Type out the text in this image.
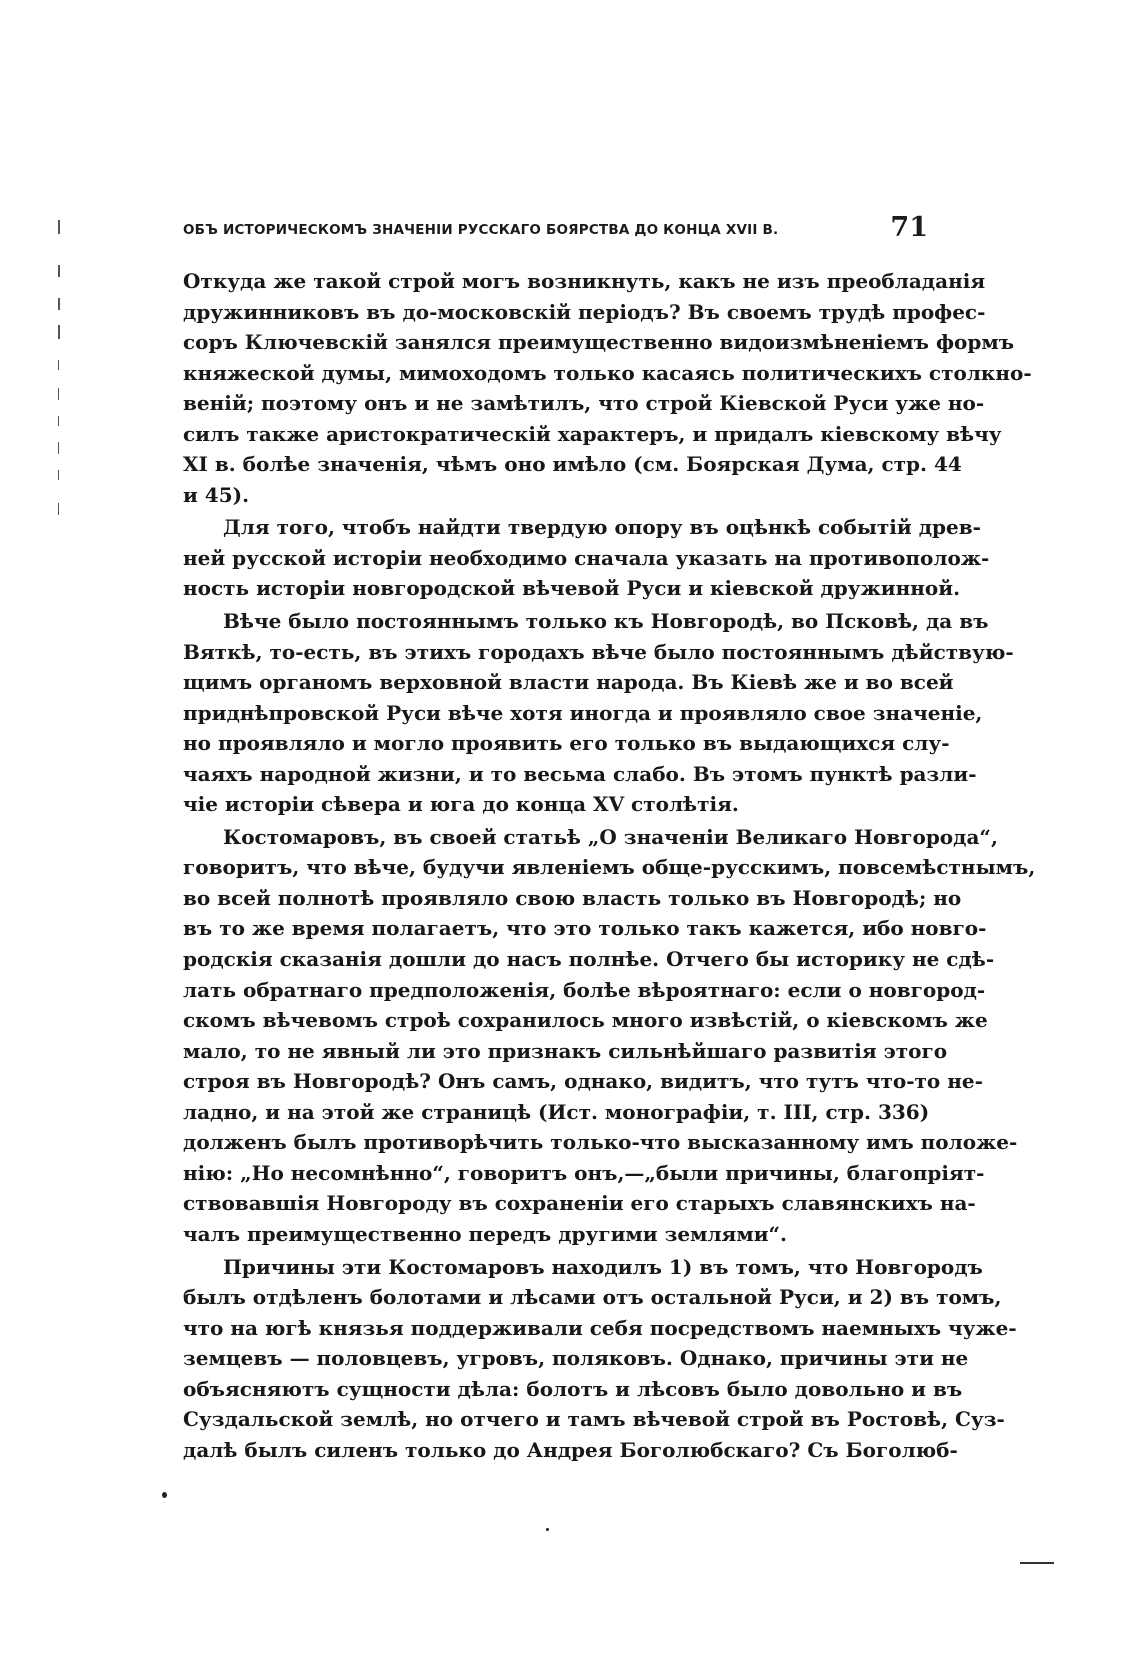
ОБЪ ИСТОРИЧЕСКОМЪ ЗНАЧЕНІИ РУССКАГО БОЯРСТВА ДО КОНЦА XVII В.	71
Откуда же такой строй могъ возникнуть, какъ не изъ преобладанія
дружинниковъ въ до-московскій періодъ? Въ своемъ трудѣ профес-
соръ Ключевскій занялся преимущественно видоизмѣненіемъ формъ
княжеской думы, мимоходомъ только касаясь политическихъ столкно-
веній; поэтому онъ и не замѣтилъ, что строй Кіевской Руси уже но-
силъ также аристократическій характеръ, и придалъ кіевскому вѣчу
XI в. болѣе значенія, чѣмъ оно имѣло (см. Боярская Дума, стр. 44
и 45).
Для того, чтобъ найдти твердую опору въ оцѣнкѣ событій древ-
ней русской исторіи необходимо сначала указать на противополож-
ность исторіи новгородской вѣчевой Руси и кіевской дружинной.
Вѣче было постояннымъ только къ Новгородѣ, во Псковѣ, да въ
Вяткѣ, то-есть, въ этихъ городахъ вѣче было постояннымъ дѣйствую-
щимъ органомъ верховной власти народа. Въ Кіевѣ же и во всей
приднѣпровской Руси вѣче хотя иногда и проявляло свое значеніе,
но проявляло и могло проявить его только въ выдающихся слу-
чаяхъ народной жизни, и то весьма слабо. Въ этомъ пунктѣ разли-
чіе исторіи сѣвера и юга до конца XV столѣтія.
Костомаровъ, въ своей статьѣ „О значеніи Великаго Новгорода“,
говоритъ, что вѣче, будучи явленіемъ обще-русскимъ, повсемѣстнымъ,
во всей полнотѣ проявляло свою власть только въ Новгородѣ; но
въ то же время полагаетъ, что это только такъ кажется, ибо новго-
родскія сказанія дошли до насъ полнѣе. Отчего бы историку не сдѣ-
лать обратнаго предположенія, болѣе вѣроятнаго: если о новгород-
скомъ вѣчевомъ строѣ сохранилось много извѣстій, о кіевскомъ же
мало, то не явный ли это признакъ сильнѣйшаго развитія этого
строя въ Новгородѣ? Онъ самъ, однако, видитъ, что тутъ что-то не-
ладно, и на этой же страницѣ (Ист. монографіи, т. III, стр. 336)
долженъ былъ противорѣчить только-что высказанному имъ положе-
нію: „Но несомнѣнно“, говоритъ онъ,—„были причины, благопріят-
ствовавшія Новгороду въ сохраненіи его старыхъ славянскихъ на-
чалъ преимущественно передъ другими землями“.
Причины эти Костомаровъ находилъ 1) въ томъ, что Новгородъ
былъ отдѣленъ болотами и лѣсами отъ остальной Руси, и 2) въ томъ,
что на югѣ князья поддерживали себя посредствомъ наемныхъ чуже-
земцевъ — половцевъ, угровъ, поляковъ. Однако, причины эти не
объясняютъ сущности дѣла: болотъ и лѣсовъ было довольно и въ
Суздальской землѣ, но отчего и тамъ вѣчевой строй въ Ростовѣ, Суз-
далѣ былъ силенъ только до Андрея Боголюбскаго? Съ Боголюб-
